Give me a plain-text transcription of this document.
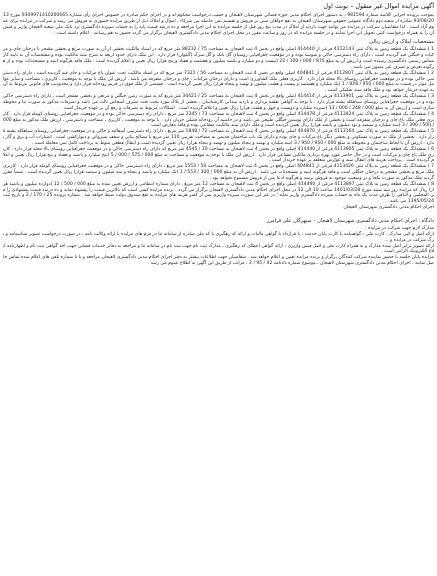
آگهی مزایده اموال غیر منقول – نوبت اول

بموجب پرونده اجرایی کلاسه شماره 981594 ، به دستور اجرای احکام مدنی حوزه قضائی شهرستان لاهیجان و حسب درخواست محکوم له و در اجرای حکم صادره در خصوص اجرای رأی شماره 9309971410200665 مورخ 1393/08/20 صادره از شعبه دوم دادگاه عمومی حقوقی شهرستان لاهیجان به نفع خواهان مبنی بر فروش و تقسیم ثمن حاصله بین شرکاء ، اموال و املاک ذیل از طریق مزایده حضوری به فروش می رسد و شرکت در مزایده برای عموم آزاد است . لذا متقاضیان شرکت در مزایده می توانند جهت بازدید از املاک در مدت پنج روز قبل از جلسه مزایده به این اجرا مراجعه و ده درصد قیمت پایه را به حساب سپرده دادگستری نزد بانک ملی شعبه لاهیجان واریز و فیش آن را به همراه درخواست کتبی تحویل این اجرا نمایند و در جلسه مزایده که در روز و ساعت مقرر در محل اجرای احکام مدنی دادگستری لاهیجان برگزار می گردد حضور به هم رسانند . اعلام داشته است :

مشخصات املاک و ارزش ریالی

1 ) ششدانگ یک قطعه زمین به پلاک ثبتی 4112143 فرعی از 414440 اصلی واقع در بخش 4 ثبت لاهیجان به مساحت 75 / 88232 متر مربع که در اسناد مالکیت بخشی از آن به صورت مرتع و بخشی مشجر با درختان چای و مرکبات و جنگلی قید گردیده است ، دارای راه دسترسی خاکی و شوسه بوده و در موقعیت جغرافیایی روستای گل بانک و گل سرک (گیلوان) قرار دارد . این ملک دارای حدود اربعه به شرح سند مالکیت بوده و مشخصات آن به تایید کارشناس رسمی دادگستری رسیده است و ارزش آن به مبلغ 875 / 000 / 100 / 22 (بیست و دو میلیارد و یکصد میلیون و هشتصد و هفتاد و پنج هزار) ریال تعیین و اعلام گردیده است . ملک فاقد هرگونه ابنیه و مستحدثات بوده و از هرگونه تعرض و تصرف غیر مصون می باشد .

2 ) ششدانگ یک قطعه زمین به پلاک ثبتی 4112807 فرعی از 404841 اصلی واقع در بخش 4 ثبت لاهیجان به مساحت 56 / 7321 متر مربع که در اسناد مالکیت تحت عنوان باغ مرکبات و چای قید گردیده است ، دارای راه دسترسی خاکی بوده و در موقعیت جغرافیایی روستای بالا محله قرار دارد . کاربری فعلی ملک کشاورزی است و دارای درختان مرکبات ، چای و درختان متفرقه می باشد . ارزش این ملک با توجه به موقعیت ، کاربری ، مساحت و سایر عوامل موثر در قیمت به مبلغ 000 / 950 / 828 / 1 (یک میلیارد و هشتصد و بیست و هشت میلیون و نهصد و پنجاه هزار) ریال تعیین گردیده است . قسمتی از ملک فوق در حریم رودخانه قرار دارد و محدودیت های قانونی مربوط به آن به عهده خریدار خواهد بود و ملک فاقد سند تفکیکی است .

3 ) ششدانگ یک قطعه زمین به پلاک ثبتی 4113901 فرعی از 414414 اصلی واقع در بخش 4 ثبت لاهیجان به مساحت 25 / 34421 متر مربع که به صورت زمین جنگلی و مرتعی و بخشی مشجر است ، دارای راه دسترسی خاکی بوده و در موقعیت جغرافیایی روستای سیاهکله پشته قرار دارد . با توجه به گواهی نقشه برداری و بازدید میدانی کارشناسان ، بخشی از پلاک مورد بحث تحت تصرف اشخاص ثالث می باشد و تصرفات مذکور به صورت بنا و محوطه سازی است و ارزش آن به مبلغ 000 / 248 / 000 / 13 (سیزده میلیارد و دویست و چهل و هشت هزار) ریال تعیین و اعلام گردیده است . اشکالات مربوط به تصرفات و رفع آن بر عهده خریدار است .

4 ) ششدانگ یک قطعه زمین به پلاک ثبتی 4113424 فرعی از 414478 اصلی واقع در بخش 4 ثبت لاهیجان به مساحت 73 / 2345 متر مربع ، دارای راه دسترسی خاکی بوده و در موقعیت جغرافیایی روستای کومله قرار دارد . کاربری فعلی ملک باغ چای و درختان متفرقه است و بخشی از ملک دارای پوشش جنگلی طبیعی می باشد و در حاشیه آن رودخانه فصلی جریان دارد . با توجه به موقعیت ، کاربری ، مساحت و دسترسی ، ارزش ملک مذکور به مبلغ 000 / 500 / 390 / 3 (سه میلیارد و سیصد و نود میلیون و پانصد هزار) ریال تعیین گردیده است و ملک دارای سند مالکیت مشاعی بوده و فاقد معارض است .

5 ) ششدانگ یک قطعه زمین به پلاک ثبتی 4113164 فرعی از 404870 اصلی واقع در بخش 4 ثبت لاهیجان به مساحت 72 / 1848 متر مربع ، دارای راه دسترسی آسفالته و خاکی و در موقعیت جغرافیایی روستای سیاهکله پشته قرار دارد . بخشی از ملک به صورت مسکونی و بخشی دیگر باغ مرکبات و چای بوده و دارای یک باب ساختمان قدیمی به مساحت تقریبی 110 متر مربع با مصالح بنایی و سقف شیروانی و دیوارکشی است . امتیازات آب و برق و گاز ندارد . ارزش آن با لحاظ ساختمان و محوطه به مبلغ 000 / 950 / 950 / 3 (سه میلیارد و نهصد و پنجاه میلیون و نهصد و پنجاه هزار) ریال تعیین گردیده است و انتقال قطعی منوط به پرداخت کامل ثمن معامله است .

6 ) ششدانگ یک قطعه زمین به پلاک ثبتی 4113905 فرعی از 414440 اصلی واقع در بخش 4 ثبت لاهیجان به مساحت 10 / 4545 متر مربع که دارای راه دسترسی خاکی و در موقعیت جغرافیایی روستای بالا محله قرار دارد . کاربری ملک باغ چای و مرکبات است و در حال حاضر مورد بهره برداری مالکین مشاعی قرار دارد . ارزش این ملک با توجه به موقعیت و مساحت به مبلغ 000 / 575 / 000 / 5 (پنج میلیارد و پانصد و هفتاد و پنج هزار) ریال تعیین و اعلام گردیده است . پرداخت هزینه های انتقال سند و عوارض متعلقه بر عهده خریدار است .

7 ) ششدانگ یک قطعه زمین به پلاک ثبتی 4113426 فرعی از 404841 اصلی واقع در بخش 4 ثبت لاهیجان به مساحت 50 / 1553 متر مربع ، دارای راه دسترسی خاکی و در موقعیت جغرافیایی روستای کومله قرار دارد . کاربری ملک مرتع و بخشی مشجر به درختان جنگلی است و فاقد هرگونه ابنیه و مستحدثات می باشد . ارزش آن به مبلغ 000 / 300 / 553 / 1 (یک میلیارد و پانصد و پنجاه و سه میلیون و سیصد هزار) ریال تعیین گردیده است . ضمناً مقرر گردید ملک مذکور به صورت یکجا و در وضعیت موجود به فروش برسد و هرگونه ادعا پس از فروش مسموع نخواهد بود .

8 ) ششدانگ یک قطعه زمین به پلاک ثبتی 4113897 فرعی از 414440 اصلی واقع در بخش 4 ثبت لاهیجان به مساحت 12 متر مربع ، دارای شماره انتظامی و ارزش تعیین شده به مبلغ 000 / 500 / 12 (دوازده میلیون و پانصد هزار) ریال که مزایده روز سه شنبه مورخ 1401/03/28 ساعت 10 الی 12 در محل اجرای احکام مدنی دادگستری لاهیجان برگزار می گردد . برنده مزایده کسی است که بالاترین قیمت را پیشنهاد نماید و ده درصد قیمت پیشنهادی را فی المجلس و الباقی را ظرف مدت یک ماه به حساب سپرده دادگستری واریز نماید ؛ در غیر این صورت سپرده واریزی پس از کسر هزینه های مزایده به نفع صندوق دولت ضبط خواهد شد . شماره پرونده 25 / 170 / 2 و تاریخ ثبت 1395/05/24 می باشد .

اجرای احکام مدنی دادگستری شهرستان لاهیجان

دادگاه : اجرای احکام مدنی دادگستری شهرستان لاهیجان – سپهرگان علی فرامرز

مدارک لازم جهت شرکت در مزایده :

ارائه اصل و کپی مدارک ، کارت ملی ، گواهینامه یا کارت پایان خدمت ، یا قرارداد یا گواهی مالیات و ارائه کد رهگیری با کد ملی صادره از سامانه ثنا در فرم های مزایده یا ارائه وکالت نامه ، در صورت درخواست تصویر شناسنامه و برگ شرکت در مزایده و ...

ارائه تصویر برابر اصل شده مدارک و به همراه کارت ملی و اصل فیش واریزی ، ارائه گواهی اعطای کد رهگیری ، مدارک ثبت نام جهت ثبت نام در سامانه ثنا و مراجعه به دفاتر خدمات قضایی جهت اخذ گواهی ثبت نام و اظهارنامه ابلاغ الکترونیک الزامی است .

مزایده پایان جلسه با حضور نماینده شرکت کنندگان برگزار و برنده مزایده تعیین و اعلام خواهد شد . متقاضیان جهت اطلاعات بیشتر به دفتر اجرای احکام مدنی دادگستری لاهیجان مراجعه و یا با شماره تلفن های اعلام شده تماس حاصل نمایند . اجرای احکام مدنی دادگستری شهرستان لاهیجان ، موضوع شماره دادنامه 42 / 95 / 2 ، مراتب از طریق این آگهی به اطلاع عموم می رسد .
